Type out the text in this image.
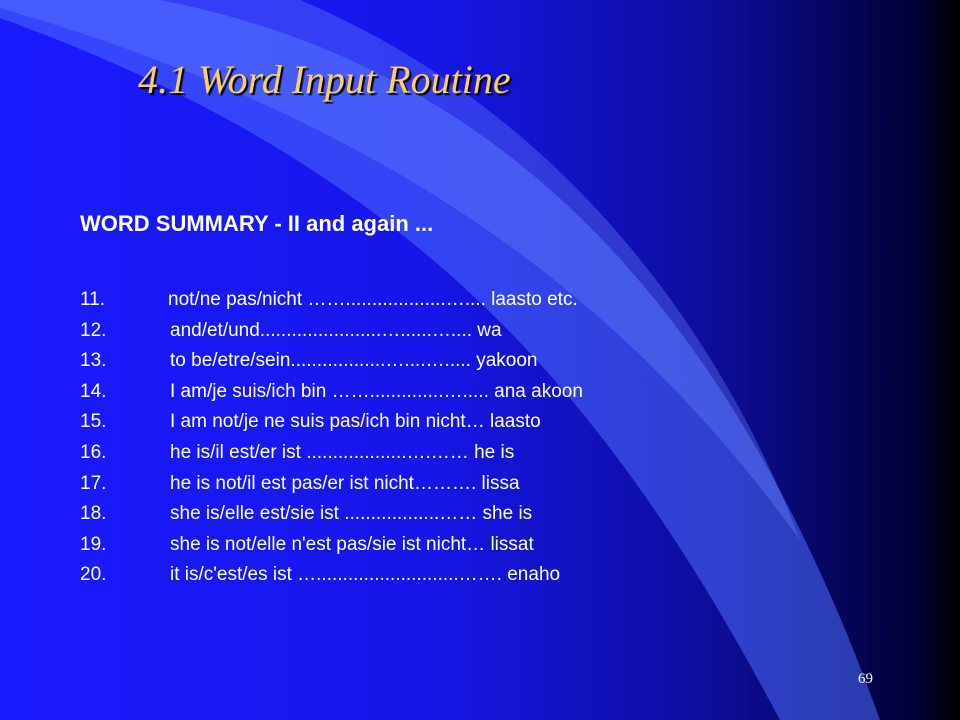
4.1 Word Input Routine
WORD SUMMARY - II and again ...
11.	not/ne pas/nicht ……...................….... laasto etc.
12.	and/et/und.......................…......….... wa
13.	to be/etre/sein..................…....…..... yakoon
14.	I am/je suis/ich bin ……..............…..... ana akoon
15.	I am not/je ne suis pas/ich bin nicht… laasto
16.	he is/il est/er ist ...................….…… he is
17.	he is not/il est pas/er ist nicht………. lissa
18.	she is/elle est/sie ist ..................…… she is
19.	she is not/elle n'est pas/sie ist nicht… lissat
20.	it is/c'est/es ist …...........................……. enaho
69
